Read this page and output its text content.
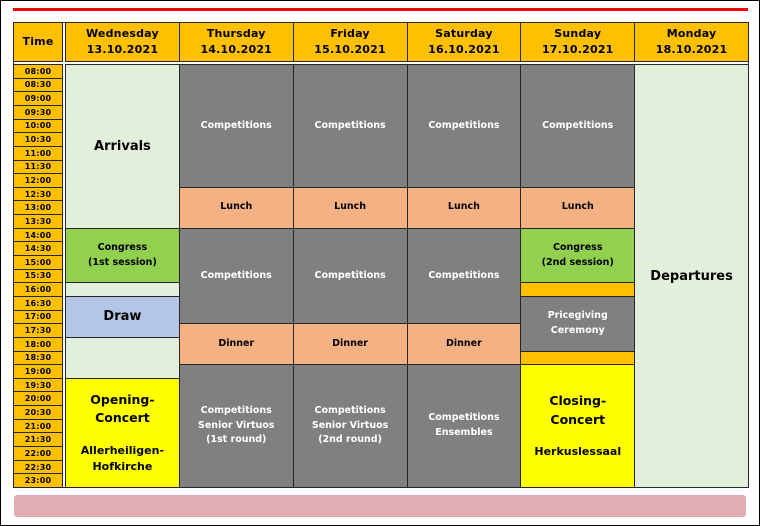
Time
Wednesday
13.10.2021
Thursday
14.10.2021
Friday
15.10.2021
Saturday
16.10.2021
Sunday
17.10.2021
Monday
18.10.2021
08:00
08:30
09:00
09:30
10:00
10:30
11:00
11:30
12:00
12:30
13:00
13:30
14:00
14:30
15:00
15:30
16:00
16:30
17:00
17:30
18:00
18:30
19:00
19:30
20:00
20:30
21:00
21:30
22:00
22:30
23:00
Arrivals
Congress
(1st session)
Draw
Opening-
Concert
Allerheiligen-
Hofkirche
Competitions
Lunch
Competitions
Dinner
Competitions
Senior Virtuos
(1st round)
Competitions
Lunch
Competitions
Dinner
Competitions
Senior Virtuos
(2nd round)
Competitions
Lunch
Competitions
Dinner
Competitions
Ensembles
Competitions
Lunch
Congress
(2nd session)
Pricegiving
Ceremony
Closing-
Concert
Herkuslessaal
Departures
